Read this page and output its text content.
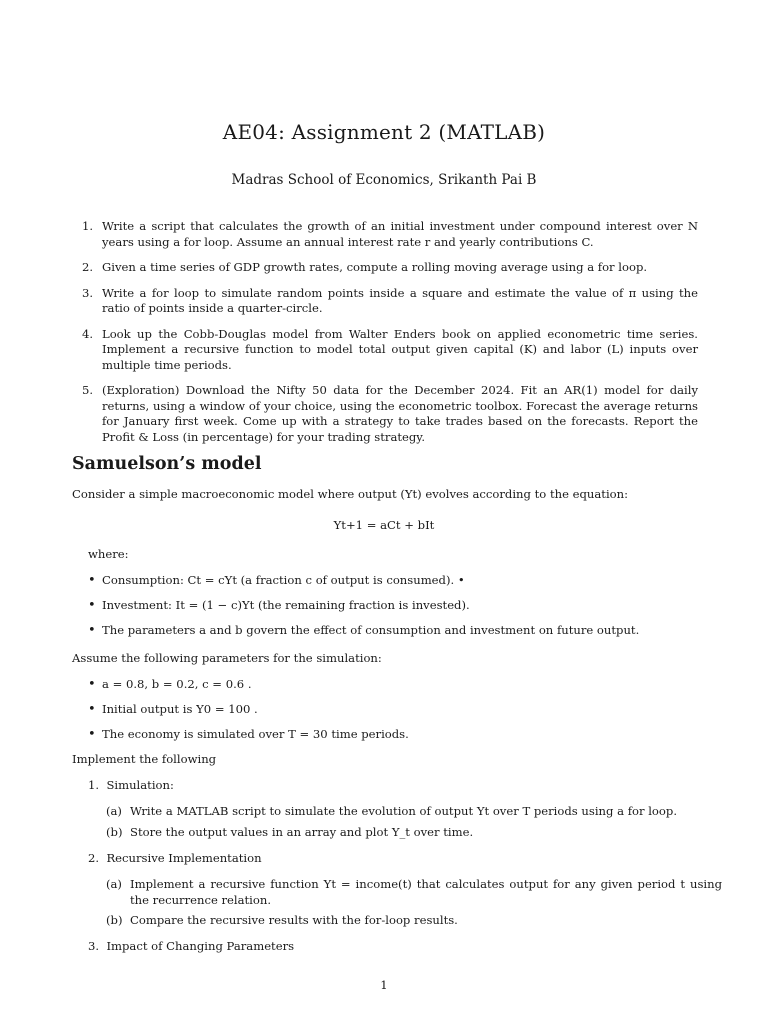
AE04: Assignment 2 (MATLAB)
Madras School of Economics, Srikanth Pai B
1. Write a script that calculates the growth of an initial investment under compound interest over N years using a for loop. Assume an annual interest rate r and yearly contributions C.
2. Given a time series of GDP growth rates, compute a rolling moving average using a for loop.
3. Write a for loop to simulate random points inside a square and estimate the value of π using the ratio of points inside a quarter-circle.
4. Look up the Cobb-Douglas model from Walter Enders book on applied econometric time series. Implement a recursive function to model total output given capital (K) and labor (L) inputs over multiple time periods.
5. (Exploration) Download the Nifty 50 data for the December 2024. Fit an AR(1) model for daily returns, using a window of your choice, using the econometric toolbox. Forecast the average returns for January first week. Come up with a strategy to take trades based on the forecasts. Report the Profit & Loss (in percentage) for your trading strategy.
Samuelson’s model
Consider a simple macroeconomic model where output (Yt) evolves according to the equation:
Yt+1 = aCt + bIt
where:
• Consumption: Ct = cYt (a fraction c of output is consumed). •
• Investment: It = (1 − c)Yt (the remaining fraction is invested).
• The parameters a and b govern the effect of consumption and investment on future output.
Assume the following parameters for the simulation:
• a = 0.8, b = 0.2, c = 0.6 .
• Initial output is Y0 = 100 .
• The economy is simulated over T = 30 time periods.
Implement the following
1. Simulation:
(a) Write a MATLAB script to simulate the evolution of output Yt over T periods using a for loop.
(b) Store the output values in an array and plot Y_t over time.
2. Recursive Implementation
(a) Implement a recursive function Yt = income(t) that calculates output for any given period t using the recurrence relation.
(b) Compare the recursive results with the for-loop results.
3. Impact of Changing Parameters
1
